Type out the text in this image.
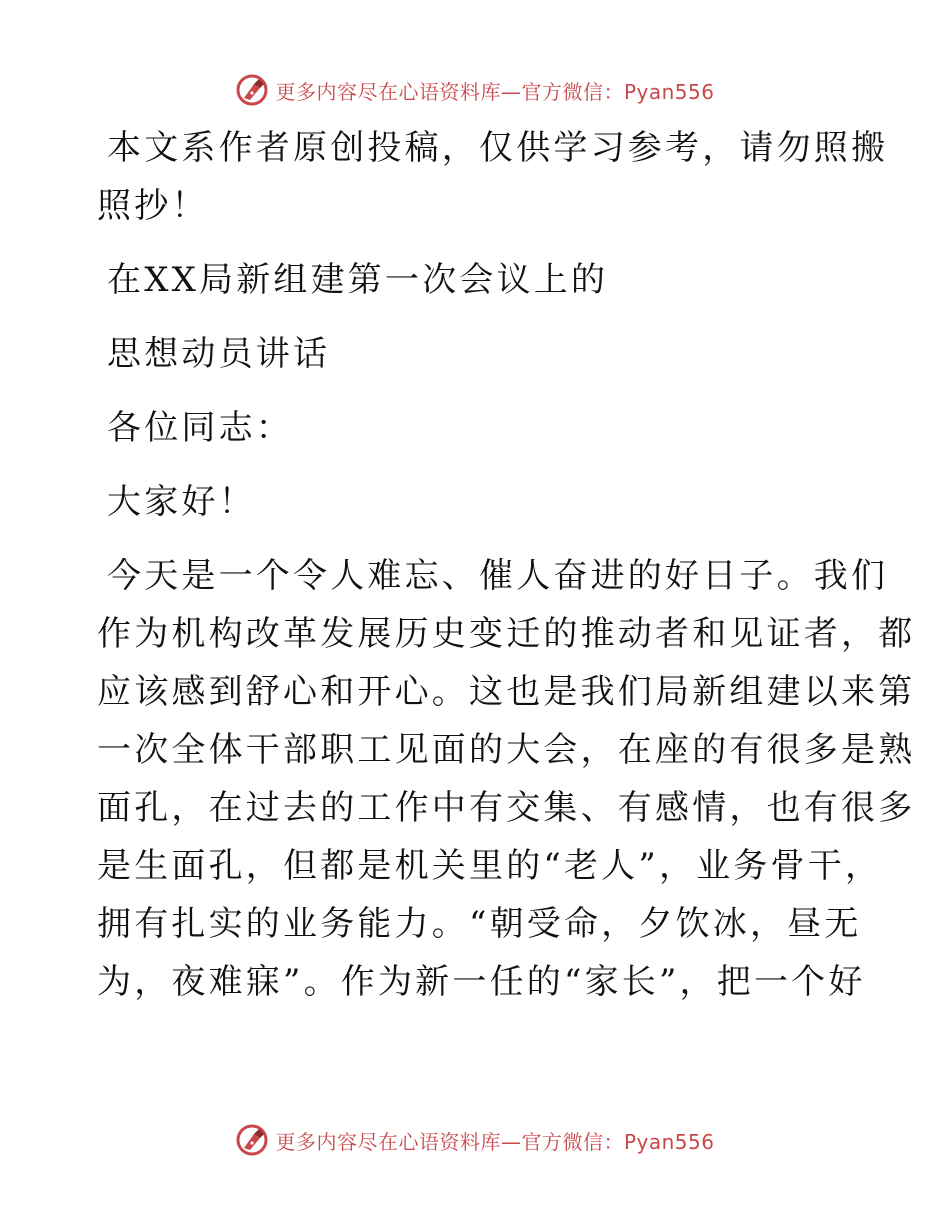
更多内容尽在心语资料库—官方微信：Pyan556
本文系作者原创投稿，仅供学习参考，请勿照搬
照抄！
在XX局新组建第一次会议上的
思想动员讲话
各位同志：
大家好！
今天是一个令人难忘、催人奋进的好日子。我们
作为机构改革发展历史变迁的推动者和见证者，都
应该感到舒心和开心。这也是我们局新组建以来第
一次全体干部职工见面的大会，在座的有很多是熟
面孔，在过去的工作中有交集、有感情，也有很多
是生面孔，但都是机关里的“老人”，业务骨干，
拥有扎实的业务能力。“朝受命，夕饮冰，昼无
为，夜难寐”。作为新一任的“家长”，把一个好
更多内容尽在心语资料库—官方微信：Pyan556
